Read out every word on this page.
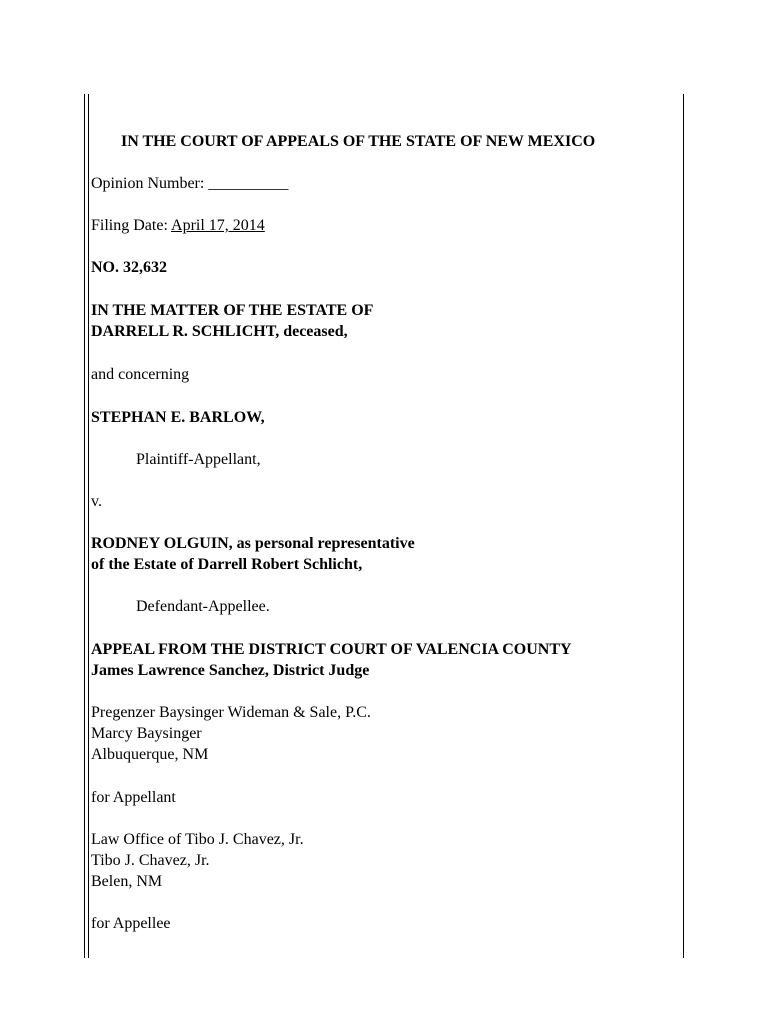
IN THE COURT OF APPEALS OF THE STATE OF NEW MEXICO
Opinion Number: __________
Filing Date: April 17, 2014
NO. 32,632
IN THE MATTER OF THE ESTATE OF
DARRELL R. SCHLICHT, deceased,
and concerning
STEPHAN E. BARLOW,
Plaintiff-Appellant,
v.
RODNEY OLGUIN, as personal representative
of the Estate of Darrell Robert Schlicht,
Defendant-Appellee.
APPEAL FROM THE DISTRICT COURT OF VALENCIA COUNTY
James Lawrence Sanchez, District Judge
Pregenzer Baysinger Wideman & Sale, P.C.
Marcy Baysinger
Albuquerque, NM
for Appellant
Law Office of Tibo J. Chavez, Jr.
Tibo J. Chavez, Jr.
Belen, NM
for Appellee
